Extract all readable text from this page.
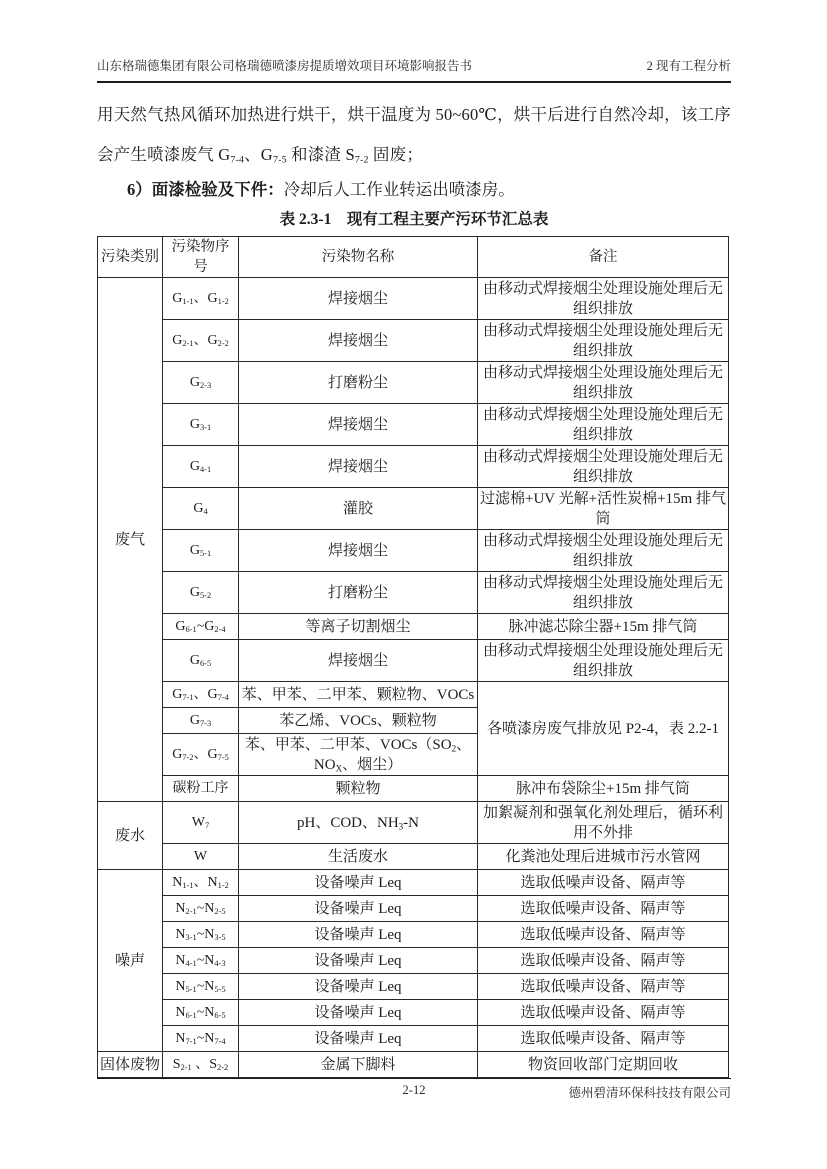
山东格瑞德集团有限公司格瑞德喷漆房提质增效项目环境影响报告书	2 现有工程分析

用天然气热风循环加热进行烘干，烘干温度为 50~60℃，烘干后进行自然冷却，该工序会产生喷漆废气 $G_{7-4}$、$G_{7-5}$ 和漆渣 $S_{7-2}$ 固废；

6）面漆检验及下件：冷却后人工作业转运出喷漆房。

表 2.3-1　现有工程主要产污环节汇总表

污染类别	污染物序号	污染物名称	备注
废气	$G_{1-1}$、$G_{1-2}$	焊接烟尘	由移动式焊接烟尘处理设施处理后无组织排放
	$G_{2-1}$、$G_{2-2}$	焊接烟尘	由移动式焊接烟尘处理设施处理后无组织排放
	$G_{2-3}$	打磨粉尘	由移动式焊接烟尘处理设施处理后无组织排放
	$G_{3-1}$	焊接烟尘	由移动式焊接烟尘处理设施处理后无组织排放
	$G_{4-1}$	焊接烟尘	由移动式焊接烟尘处理设施处理后无组织排放
	$G_4$	灌胶	过滤棉+UV 光解+活性炭棉+15m 排气筒
	$G_{5-1}$	焊接烟尘	由移动式焊接烟尘处理设施处理后无组织排放
	$G_{5-2}$	打磨粉尘	由移动式焊接烟尘处理设施处理后无组织排放
	$G_{6-1}\sim G_{2-4}$	等离子切割烟尘	脉冲滤芯除尘器+15m 排气筒
	$G_{6-5}$	焊接烟尘	由移动式焊接烟尘处理设施处理后无组织排放
	$G_{7-1}$、$G_{7-4}$	苯、甲苯、二甲苯、颗粒物、VOCs	各喷漆房废气排放见 P2-4，表 2.2-1
	$G_{7-3}$	苯乙烯、VOCs、颗粒物	
	$G_{7-2}$、$G_{7-5}$	苯、甲苯、二甲苯、$VOCs(SO_2$、$NO_X$、烟尘）	
	碳粉工序	颗粒物	脉冲布袋除尘+15m 排气筒
废水	$W_7$	pH、COD、$NH_3-N$	加絮凝剂和强氧化剂处理后，循环利用不外排
	W	生活废水	化粪池处理后进城市污水管网
噪声	$N_{1-1}$、$N_{1-2}$	设备噪声 Leq	选取低噪声设备、隔声等
	$N_{2-1}\sim N_{2-5}$	设备噪声 Leq	选取低噪声设备、隔声等
	$N_{3-1}\sim N_{3-5}$	设备噪声 Leq	选取低噪声设备、隔声等
	$N_{4-1}\sim N_{4-3}$	设备噪声 Leq	选取低噪声设备、隔声等
	$N_{5-1}\sim N_{5-5}$	设备噪声 Leq	选取低噪声设备、隔声等
	$N_{6-1}\sim N_{6-5}$	设备噪声 Leq	选取低噪声设备、隔声等
	$N_{7-1}\sim N_{7-4}$	设备噪声 Leq	选取低噪声设备、隔声等
固体废物	$S_{2-1}$ 、$S_{2-2}$	金属下脚料	物资回收部门定期回收
2-12	德州碧清环保科技技有限公司
